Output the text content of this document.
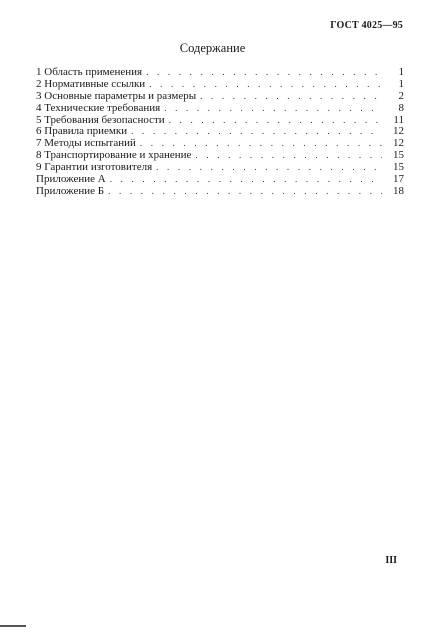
ГОСТ 4025—95
Содержание
1 Область применения . . .	1
2 Нормативные ссылки . . .	1
3 Основные параметры и размеры . . .	2
4 Технические требования . . .	8
5 Требования безопасности . . .	11
6 Правила приемки . . .	12
7 Методы испытаний . . .	12
8 Транспортирование и хранение . . .	15
9 Гарантии изготовителя . . .	15
Приложение А . . .	17
Приложение Б . . .	18
III
